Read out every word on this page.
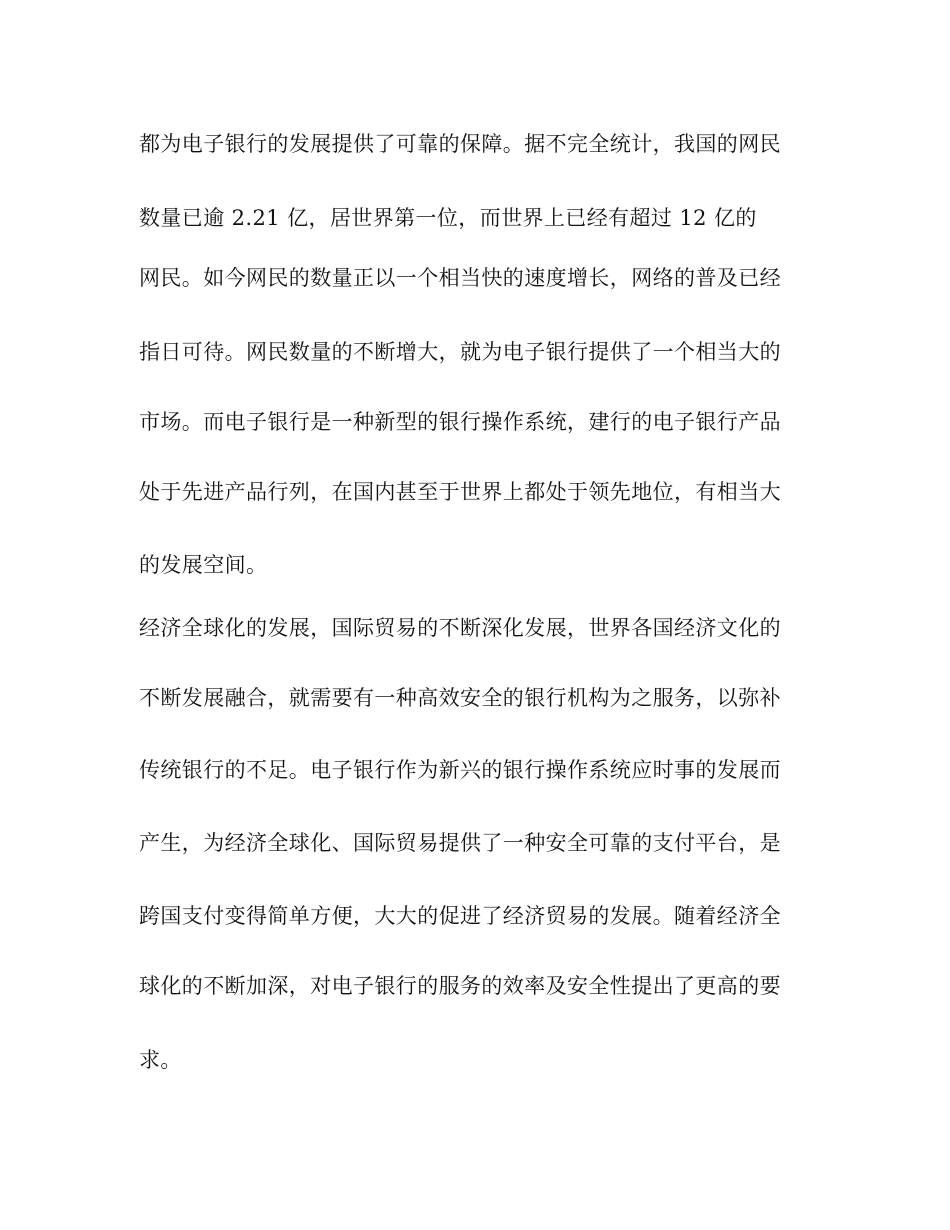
都为电子银行的发展提供了可靠的保障。据不完全统计，我国的网民
数量已逾 2.21 亿，居世界第一位，而世界上已经有超过 12 亿的
网民。如今网民的数量正以一个相当快的速度增长，网络的普及已经
指日可待。网民数量的不断增大，就为电子银行提供了一个相当大的
市场。而电子银行是一种新型的银行操作系统，建行的电子银行产品
处于先进产品行列，在国内甚至于世界上都处于领先地位，有相当大
的发展空间。
经济全球化的发展，国际贸易的不断深化发展，世界各国经济文化的
不断发展融合，就需要有一种高效安全的银行机构为之服务，以弥补
传统银行的不足。电子银行作为新兴的银行操作系统应时事的发展而
产生，为经济全球化、国际贸易提供了一种安全可靠的支付平台，是
跨国支付变得简单方便，大大的促进了经济贸易的发展。随着经济全
球化的不断加深，对电子银行的服务的效率及安全性提出了更高的要
求。
